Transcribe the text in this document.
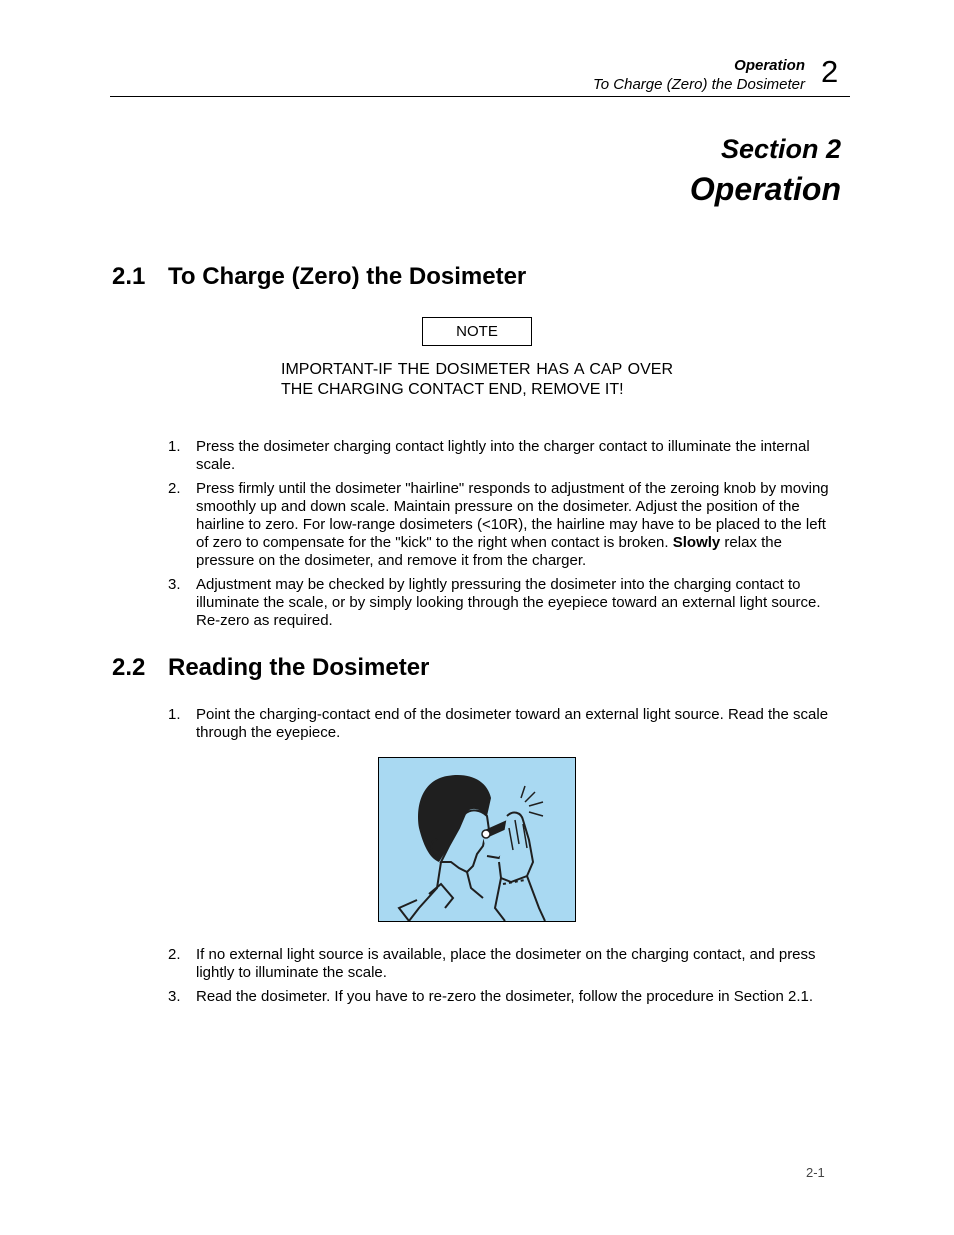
Operation
To Charge (Zero) the Dosimeter 2
Section 2
Operation
2.1 To Charge (Zero) the Dosimeter
NOTE
IMPORTANT-IF THE DOSIMETER HAS A CAP OVER THE CHARGING CONTACT END, REMOVE IT!
1. Press the dosimeter charging contact lightly into the charger contact to illuminate the internal scale.
2. Press firmly until the dosimeter "hairline" responds to adjustment of the zeroing knob by moving smoothly up and down scale. Maintain pressure on the dosimeter. Adjust the position of the hairline to zero. For low-range dosimeters (<10R), the hairline may have to be placed to the left of zero to compensate for the "kick" to the right when contact is broken. Slowly relax the pressure on the dosimeter, and remove it from the charger.
3. Adjustment may be checked by lightly pressuring the dosimeter into the charging contact to illuminate the scale, or by simply looking through the eyepiece toward an external light source. Re-zero as required.
2.2 Reading the Dosimeter
1. Point the charging-contact end of the dosimeter toward an external light source. Read the scale through the eyepiece.
2. If no external light source is available, place the dosimeter on the charging contact, and press lightly to illuminate the scale.
3. Read the dosimeter. If you have to re-zero the dosimeter, follow the procedure in Section 2.1.
2-1
